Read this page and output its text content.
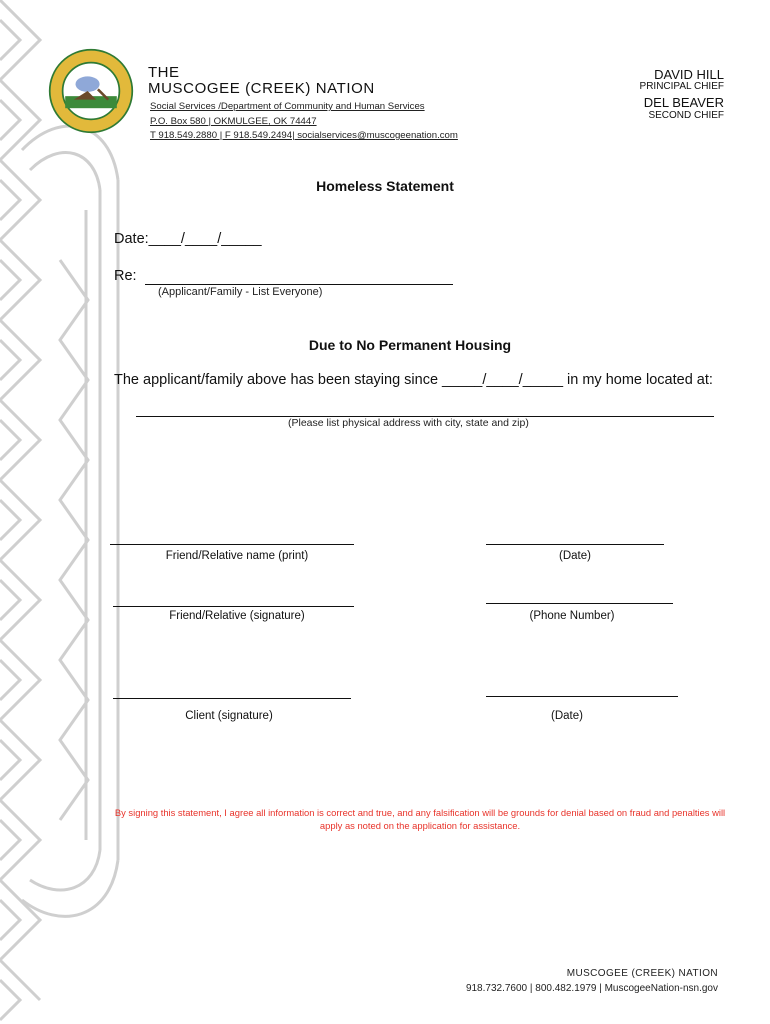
THE
MUSCOGEE (CREEK) NATION
Social Services /Department of Community and Human Services
P.O. Box 580 | OKMULGEE, OK 74447
T 918.549.2880 | F 918.549.2494| socialservices@muscogeenation.com
DAVID HILL
PRINCIPAL CHIEF
DEL BEAVER
SECOND CHIEF
Homeless Statement
Date:____/____/_____
Re:
(Applicant/Family - List Everyone)
Due to No Permanent Housing
The applicant/family above has been staying since _____/____/_____ in my home located at:
(Please list physical address with city, state and zip)
Friend/Relative name (print)	(Date)
Friend/Relative (signature)	(Phone Number)
Client (signature)	(Date)
By signing this statement, I agree all information is correct and true, and any falsification will be grounds for denial based on fraud and penalties will apply as noted on the application for assistance.
MUSCOGEE (CREEK) NATION
918.732.7600 | 800.482.1979 | MuscogeeNation-nsn.gov
